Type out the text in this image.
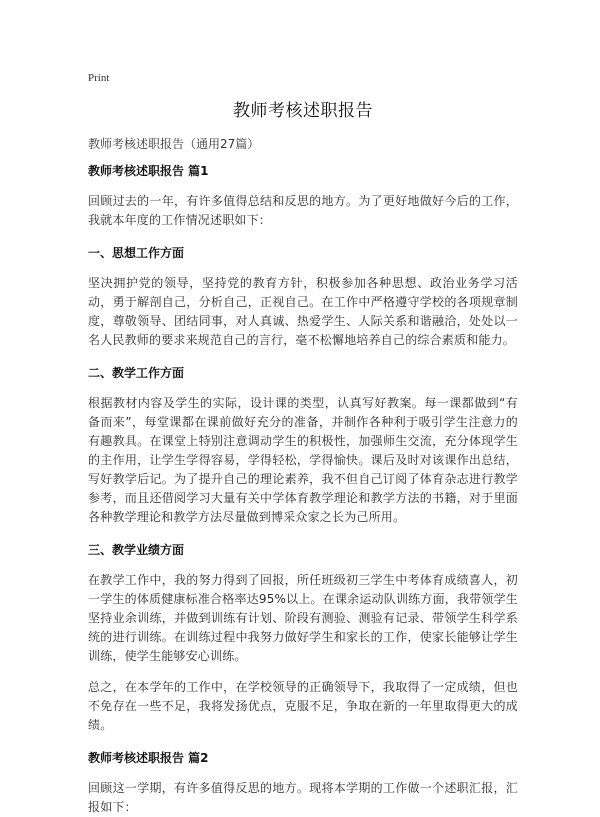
Print
教师考核述职报告
教师考核述职报告（通用27篇）
教师考核述职报告 篇1

回顾过去的一年，有许多值得总结和反思的地方。为了更好地做好今后的工作，我就本年度的工作情况述职如下：

一、思想工作方面

坚决拥护党的领导，坚持党的教育方针，积极参加各种思想、政治业务学习活动，勇于解剖自己，分析自己，正视自己。在工作中严格遵守学校的各项规章制度，尊敬领导、团结同事，对人真诚、热爱学生、人际关系和谐融洽，处处以一名人民教师的要求来规范自己的言行，毫不松懈地培养自己的综合素质和能力。

二、教学工作方面

根据教材内容及学生的实际，设计课的类型，认真写好教案。每一课都做到“有备而来”，每堂课都在课前做好充分的准备，并制作各种利于吸引学生注意力的有趣教具。在课堂上特别注意调动学生的积极性，加强师生交流，充分体现学生的主作用，让学生学得容易，学得轻松，学得愉快。课后及时对该课作出总结，写好教学后记。为了提升自己的理论素养，我不但自己订阅了体育杂志进行教学参考，而且还借阅学习大量有关中学体育教学理论和教学方法的书籍，对于里面各种教学理论和教学方法尽量做到博采众家之长为己所用。

三、教学业绩方面

在教学工作中，我的努力得到了回报，所任班级初三学生中考体育成绩喜人，初一学生的体质健康标准合格率达95%以上。在课余运动队训练方面，我带领学生坚持业余训练，并做到训练有计划、阶段有测验、测验有记录、带领学生科学系统的进行训练。在训练过程中我努力做好学生和家长的工作，使家长能够让学生训练，使学生能够安心训练。

总之，在本学年的工作中，在学校领导的正确领导下，我取得了一定成绩，但也不免存在一些不足，我将发扬优点，克服不足，争取在新的一年里取得更大的成绩。

教师考核述职报告 篇2

回顾这一学期，有许多值得反思的地方。现将本学期的工作做一个述职汇报，汇报如下：
